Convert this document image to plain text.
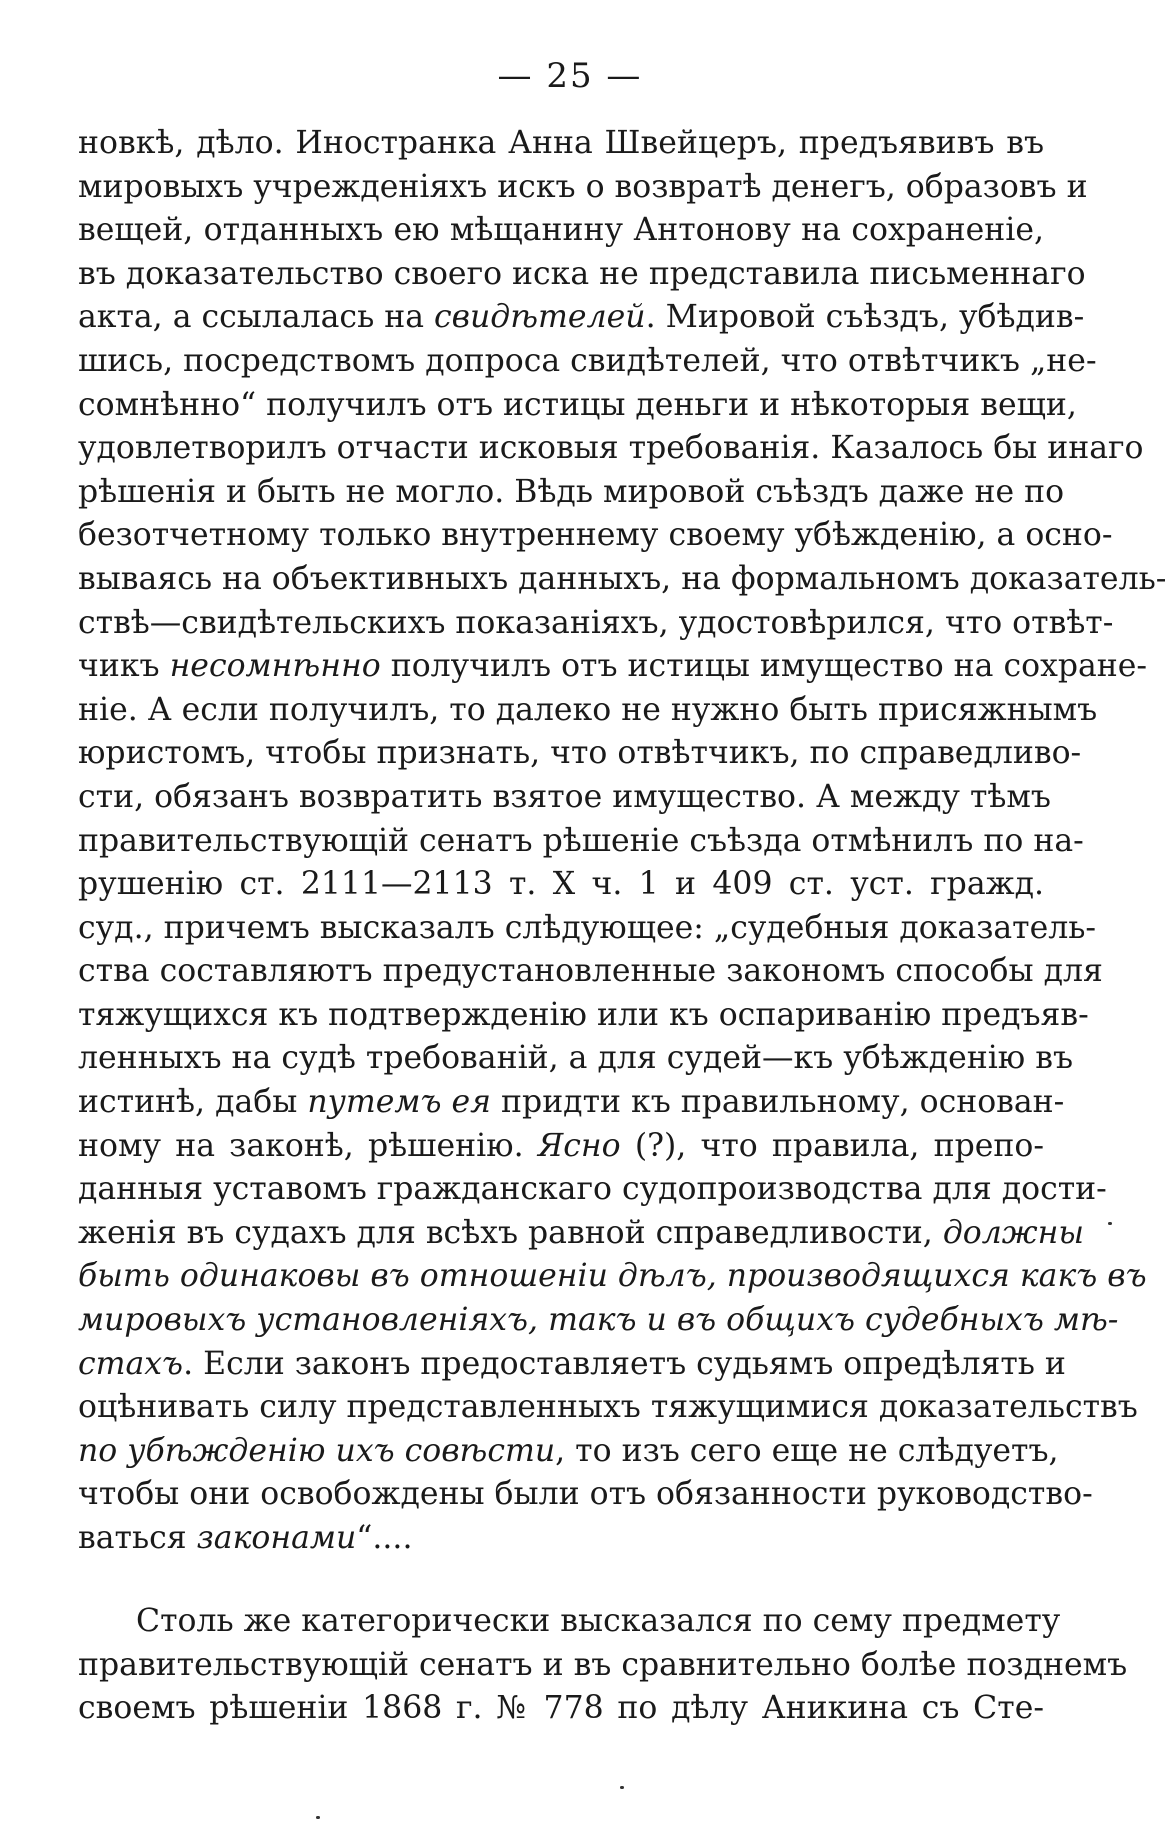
— 25 —
новкѣ, дѣло. Иностранка Анна Швейцеръ, предъявивъ въ
мировыхъ учрежденіяхъ искъ о возвратѣ денегъ, образовъ и
вещей, отданныхъ ею мѣщанину Антонову на сохраненіе,
въ доказательство своего иска не представила письменнаго
акта, а ссылалась на свидѣтелей. Мировой съѣздъ, убѣдив-
шись, посредствомъ допроса свидѣтелей, что отвѣтчикъ „не-
сомнѣнно“ получилъ отъ истицы деньги и нѣкоторыя вещи,
удовлетворилъ отчасти исковыя требованія. Казалось бы инаго
рѣшенія и быть не могло. Вѣдь мировой съѣздъ даже не по
безотчетному только внутреннему своему убѣжденію, а осно-
вываясь на объективныхъ данныхъ, на формальномъ доказатель-
ствѣ—свидѣтельскихъ показаніяхъ, удостовѣрился, что отвѣт-
чикъ несомнѣнно получилъ отъ истицы имущество на сохране-
ніе. А если получилъ, то далеко не нужно быть присяжнымъ
юристомъ, чтобы признать, что отвѣтчикъ, по справедливо-
сти, обязанъ возвратить взятое имущество. А между тѣмъ
правительствующій сенатъ рѣшеніе съѣзда отмѣнилъ по на-
рушенію ст. 2111—2113 т. X ч. 1 и 409 ст. уст. гражд.
суд., причемъ высказалъ слѣдующее: „судебныя доказатель-
ства составляютъ предустановленные закономъ способы для
тяжущихся къ подтвержденію или къ оспариванію предъяв-
ленныхъ на судѣ требованій, а для судей—къ убѣжденію въ
истинѣ, дабы путемъ ея придти къ правильному, основан-
ному на законѣ, рѣшенію. Ясно (?), что правила, препо-
данныя уставомъ гражданскаго судопроизводства для дости-
женія въ судахъ для всѣхъ равной справедливости, должны
быть одинаковы въ отношеніи дѣлъ, производящихся какъ въ
мировыхъ установленіяхъ, такъ и въ общихъ судебныхъ мѣ-
стахъ. Если законъ предоставляетъ судьямъ опредѣлять и
оцѣнивать силу представленныхъ тяжущимися доказательствъ
по убѣжденію ихъ совѣсти, то изъ сего еще не слѣдуетъ,
чтобы они освобождены были отъ обязанности руководство-
ваться законами“....
Столь же категорически высказался по сему предмету
правительствующій сенатъ и въ сравнительно болѣе позднемъ
своемъ рѣшеніи 1868 г. № 778 по дѣлу Аникина съ Сте-
